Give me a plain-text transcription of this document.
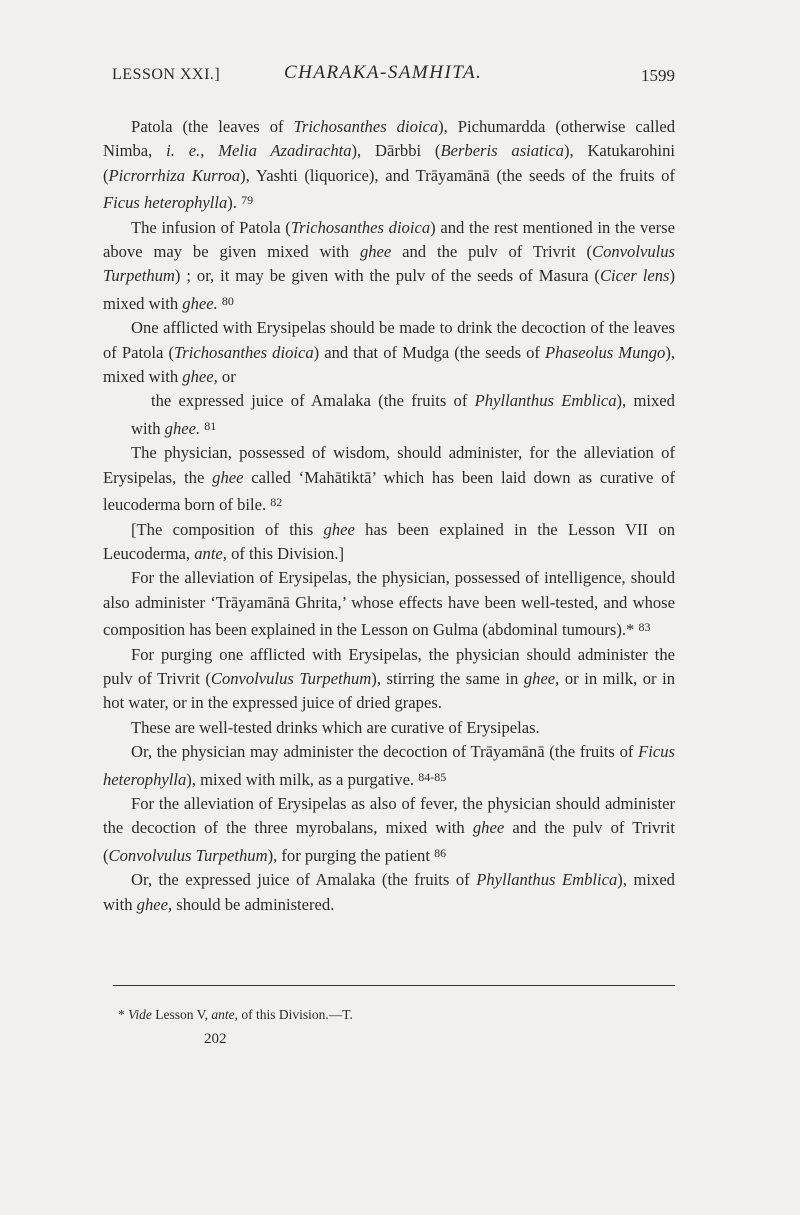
LESSON XXI.]	CHARAKA-SAMHITA.	1599

Patola (the leaves of Trichosanthes dioica), Pichumardda (otherwise called Nimba, i. e., Melia Azadirachta), Dārbbi (Berberis asiatica), Katukarohini (Picrorrhiza Kurroa), Yashti (liquorice), and Trāyamānā (the seeds of the fruits of Ficus heterophylla). $^{79}$

The infusion of Patola (Trichosanthes dioica) and the rest mentioned in the verse above may be given mixed with ghee and the pulv of Trivrit (Convolvulus Turpethum) ; or, it may be given with the pulv of the seeds of Masura (Cicer lens) mixed with ghee. $^{80}$

One afflicted with Erysipelas should be made to drink the decoction of the leaves of Patola (Trichosanthes dioica) and that of Mudga (the seeds of Phaseolus Mungo), mixed with ghee, or

the expressed juice of Amalaka (the fruits of Phyllanthus Emblica), mixed with ghee. $^{81}$

The physician, possessed of wisdom, should administer, for the alleviation of Erysipelas, the ghee called ‘Mahātiktā’ which has been laid down as curative of leucoderma born of bile. $^{82}$

[The composition of this ghee has been explained in the Lesson VII on Leucoderma, ante, of this Division.]

For the alleviation of Erysipelas, the physician, possessed of intelligence, should also administer ‘Trāyamānā Ghrita,’ whose effects have been well-tested, and whose composition has been explained in the Lesson on Gulma (abdominal tumours).* $^{83}$

For purging one afflicted with Erysipelas, the physician should administer the pulv of Trivrit (Convolvulus Turpethum), stirring the same in ghee, or in milk, or in hot water, or in the expressed juice of dried grapes.

These are well-tested drinks which are curative of Erysipelas.

Or, the physician may administer the decoction of Trāyamānā (the fruits of Ficus heterophylla), mixed with milk, as a purgative. $^{84-85}$

For the alleviation of Erysipelas as also of fever, the physician should administer the decoction of the three myrobalans, mixed with ghee and the pulv of Trivrit (Convolvulus Turpethum), for purging the patient $^{86}$

Or, the expressed juice of Amalaka (the fruits of Phyllanthus Emblica), mixed with ghee, should be administered.

* Vide Lesson V, ante, of this Division.—T.
202
